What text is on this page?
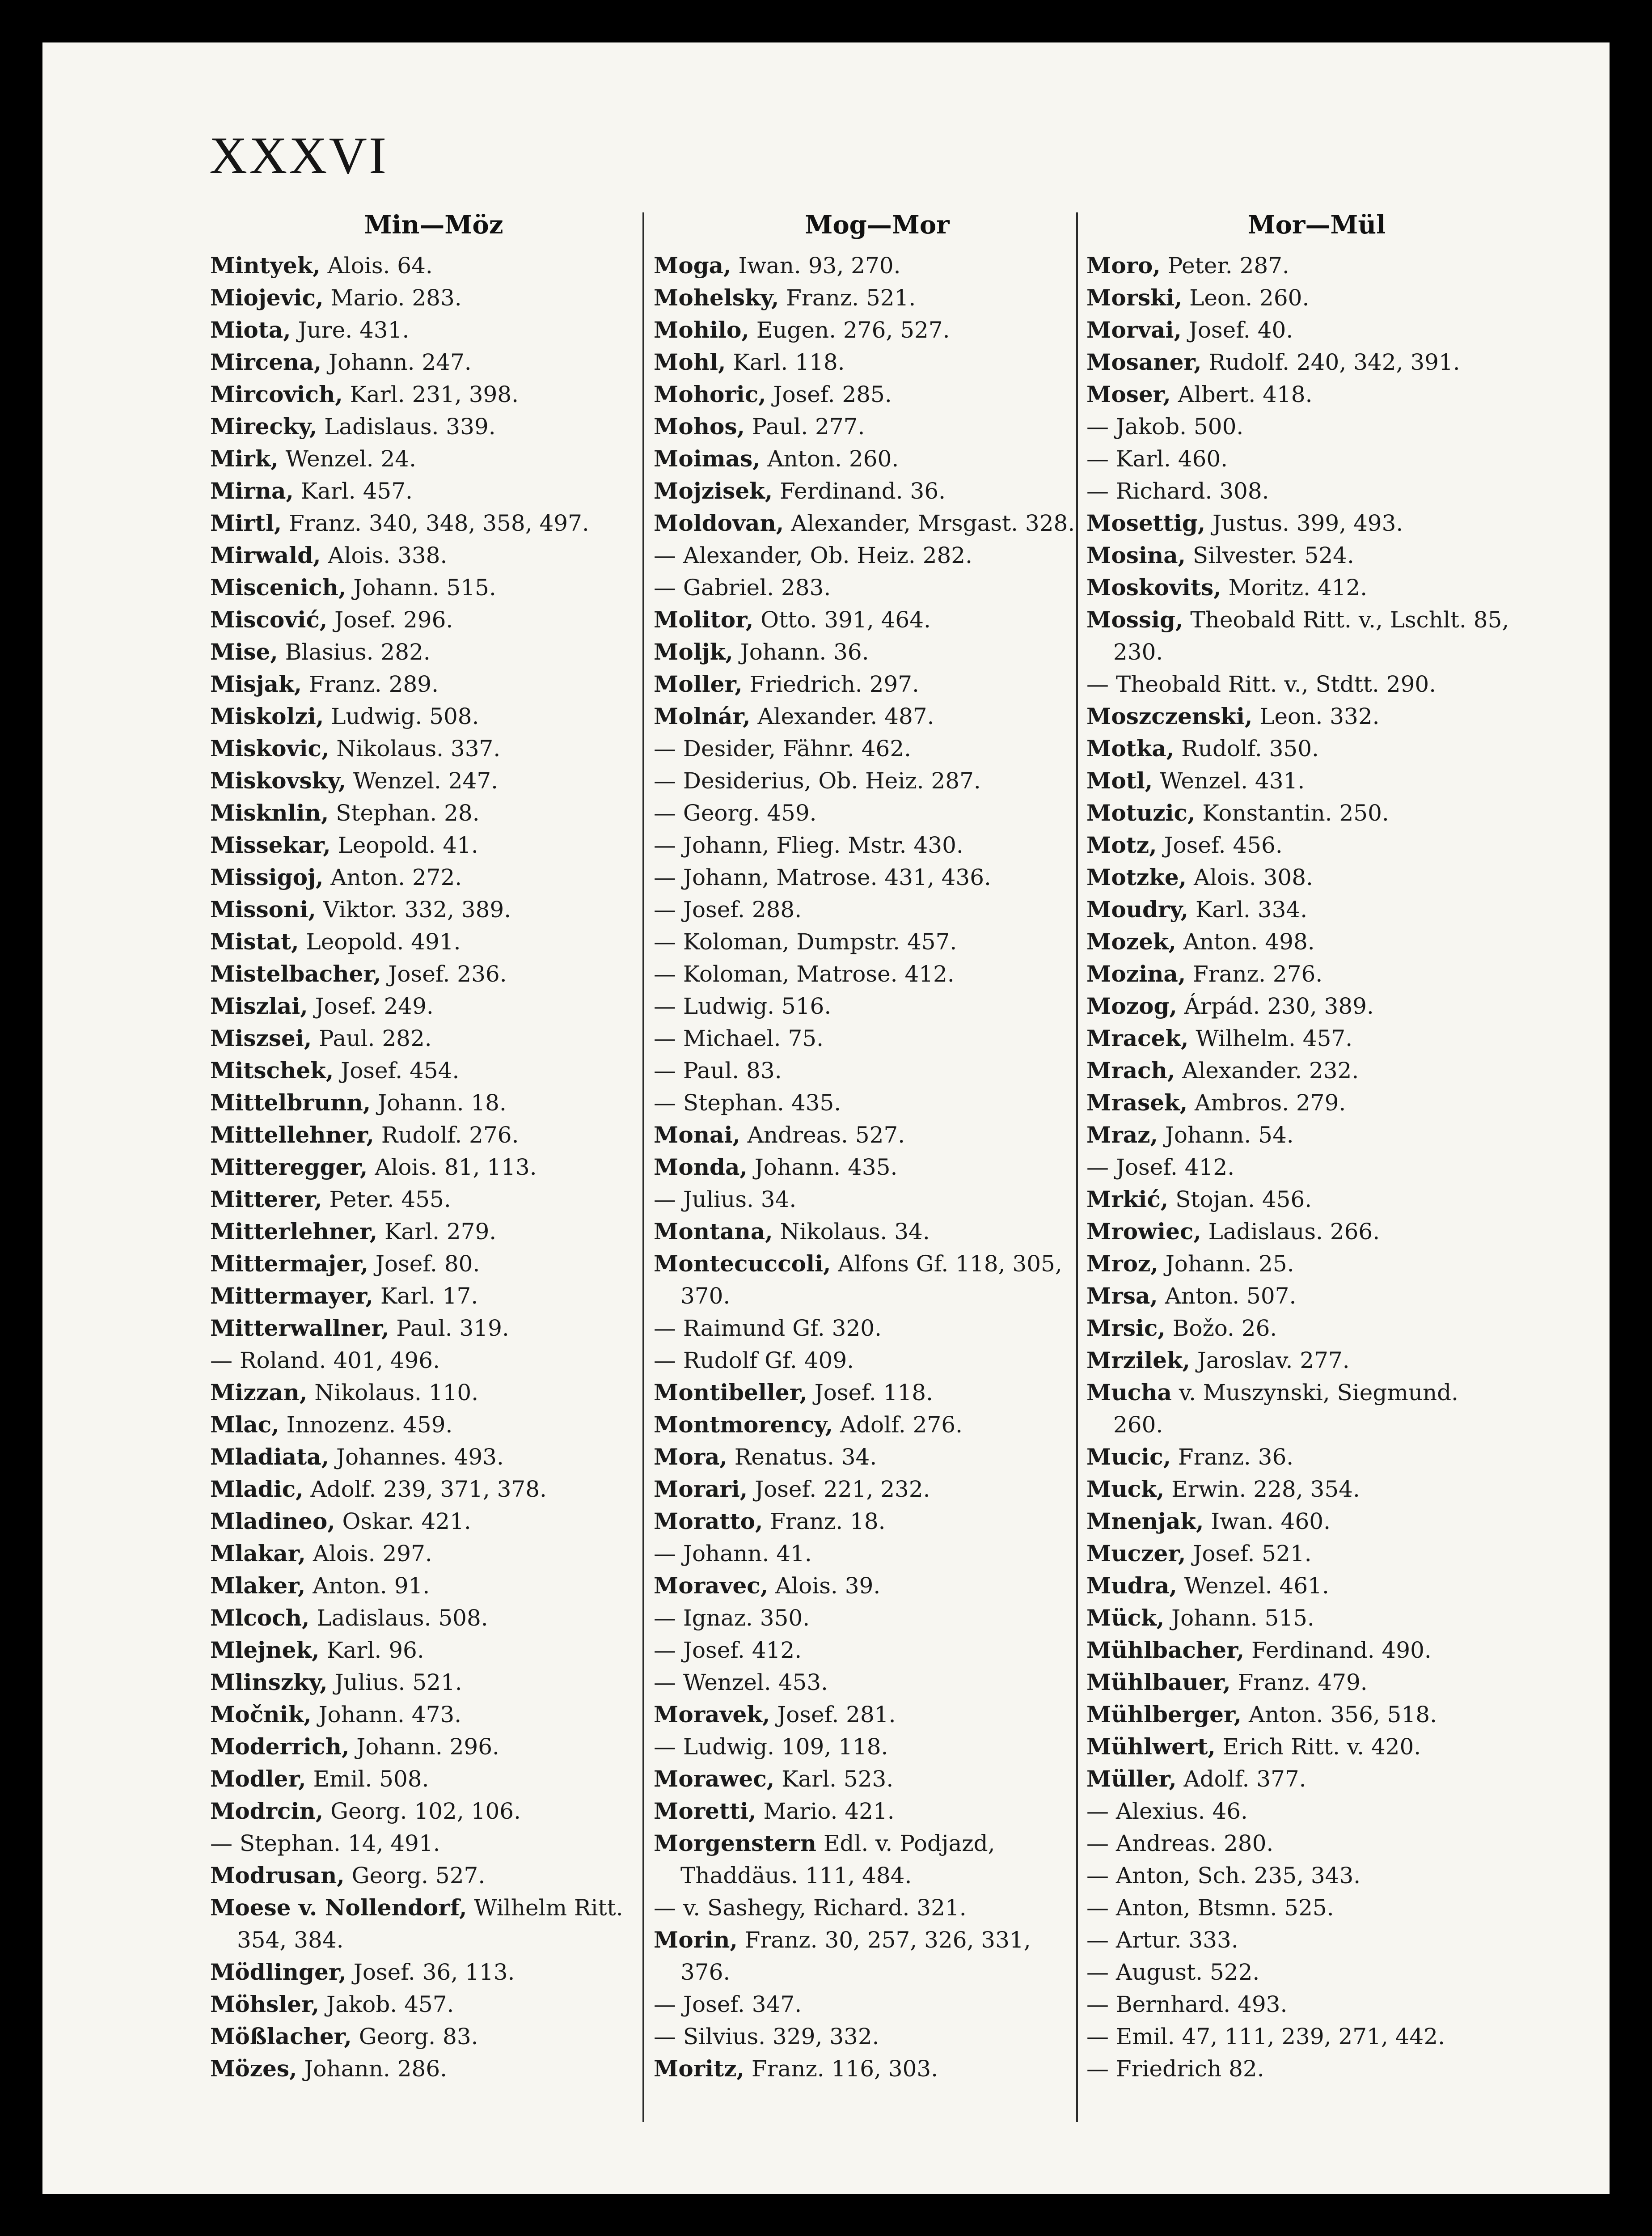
XXXVI
Min—Möz
Mintyek, Alois. 64.
Miojevic, Mario. 283.
Miota, Jure. 431.
Mircena, Johann. 247.
Mircovich, Karl. 231, 398.
Mirecky, Ladislaus. 339.
Mirk, Wenzel. 24.
Mirna, Karl. 457.
Mirtl, Franz. 340, 348, 358, 497.
Mirwald, Alois. 338.
Miscenich, Johann. 515.
Miscović, Josef. 296.
Mise, Blasius. 282.
Misjak, Franz. 289.
Miskolzi, Ludwig. 508.
Miskovic, Nikolaus. 337.
Miskovsky, Wenzel. 247.
Misknlin, Stephan. 28.
Missekar, Leopold. 41.
Missigoj, Anton. 272.
Missoni, Viktor. 332, 389.
Mistat, Leopold. 491.
Mistelbacher, Josef. 236.
Miszlai, Josef. 249.
Miszsei, Paul. 282.
Mitschek, Josef. 454.
Mittelbrunn, Johann. 18.
Mittellehner, Rudolf. 276.
Mitteregger, Alois. 81, 113.
Mitterer, Peter. 455.
Mitterlehner, Karl. 279.
Mittermajer, Josef. 80.
Mittermayer, Karl. 17.
Mitterwallner, Paul. 319.
— Roland. 401, 496.
Mizzan, Nikolaus. 110.
Mlac, Innozenz. 459.
Mladiata, Johannes. 493.
Mladic, Adolf. 239, 371, 378.
Mladineo, Oskar. 421.
Mlakar, Alois. 297.
Mlaker, Anton. 91.
Mlcoch, Ladislaus. 508.
Mlejnek, Karl. 96.
Mlinszky, Julius. 521.
Močnik, Johann. 473.
Moderrich, Johann. 296.
Modler, Emil. 508.
Modrcin, Georg. 102, 106.
— Stephan. 14, 491.
Modrusan, Georg. 527.
Moese v. Nollendorf, Wilhelm Ritt.
354, 384.
Mödlinger, Josef. 36, 113.
Möhsler, Jakob. 457.
Mößlacher, Georg. 83.
Mözes, Johann. 286.
Mog—Mor
Moga, Iwan. 93, 270.
Mohelsky, Franz. 521.
Mohilo, Eugen. 276, 527.
Mohl, Karl. 118.
Mohoric, Josef. 285.
Mohos, Paul. 277.
Moimas, Anton. 260.
Mojzisek, Ferdinand. 36.
Moldovan, Alexander, Mrsgast. 328.
— Alexander, Ob. Heiz. 282.
— Gabriel. 283.
Molitor, Otto. 391, 464.
Moljk, Johann. 36.
Moller, Friedrich. 297.
Molnár, Alexander. 487.
— Desider, Fähnr. 462.
— Desiderius, Ob. Heiz. 287.
— Georg. 459.
— Johann, Flieg. Mstr. 430.
— Johann, Matrose. 431, 436.
— Josef. 288.
— Koloman, Dumpstr. 457.
— Koloman, Matrose. 412.
— Ludwig. 516.
— Michael. 75.
— Paul. 83.
— Stephan. 435.
Monai, Andreas. 527.
Monda, Johann. 435.
— Julius. 34.
Montana, Nikolaus. 34.
Montecuccoli, Alfons Gf. 118, 305,
370.
— Raimund Gf. 320.
— Rudolf Gf. 409.
Montibeller, Josef. 118.
Montmorency, Adolf. 276.
Mora, Renatus. 34.
Morari, Josef. 221, 232.
Moratto, Franz. 18.
— Johann. 41.
Moravec, Alois. 39.
— Ignaz. 350.
— Josef. 412.
— Wenzel. 453.
Moravek, Josef. 281.
— Ludwig. 109, 118.
Morawec, Karl. 523.
Moretti, Mario. 421.
Morgenstern Edl. v. Podjazd,
Thaddäus. 111, 484.
— v. Sashegy, Richard. 321.
Morin, Franz. 30, 257, 326, 331,
376.
— Josef. 347.
— Silvius. 329, 332.
Moritz, Franz. 116, 303.
Mor—Mül
Moro, Peter. 287.
Morski, Leon. 260.
Morvai, Josef. 40.
Mosaner, Rudolf. 240, 342, 391.
Moser, Albert. 418.
— Jakob. 500.
— Karl. 460.
— Richard. 308.
Mosettig, Justus. 399, 493.
Mosina, Silvester. 524.
Moskovits, Moritz. 412.
Mossig, Theobald Ritt. v., Lschlt. 85,
230.
— Theobald Ritt. v., Stdtt. 290.
Moszczenski, Leon. 332.
Motka, Rudolf. 350.
Motl, Wenzel. 431.
Motuzic, Konstantin. 250.
Motz, Josef. 456.
Motzke, Alois. 308.
Moudry, Karl. 334.
Mozek, Anton. 498.
Mozina, Franz. 276.
Mozog, Árpád. 230, 389.
Mracek, Wilhelm. 457.
Mrach, Alexander. 232.
Mrasek, Ambros. 279.
Mraz, Johann. 54.
— Josef. 412.
Mrkić, Stojan. 456.
Mrowiec, Ladislaus. 266.
Mroz, Johann. 25.
Mrsa, Anton. 507.
Mrsic, Božo. 26.
Mrzilek, Jaroslav. 277.
Mucha v. Muszynski, Siegmund.
260.
Mucic, Franz. 36.
Muck, Erwin. 228, 354.
Mnenjak, Iwan. 460.
Muczer, Josef. 521.
Mudra, Wenzel. 461.
Mück, Johann. 515.
Mühlbacher, Ferdinand. 490.
Mühlbauer, Franz. 479.
Mühlberger, Anton. 356, 518.
Mühlwert, Erich Ritt. v. 420.
Müller, Adolf. 377.
— Alexius. 46.
— Andreas. 280.
— Anton, Sch. 235, 343.
— Anton, Btsmn. 525.
— Artur. 333.
— August. 522.
— Bernhard. 493.
— Emil. 47, 111, 239, 271, 442.
— Friedrich 82.
